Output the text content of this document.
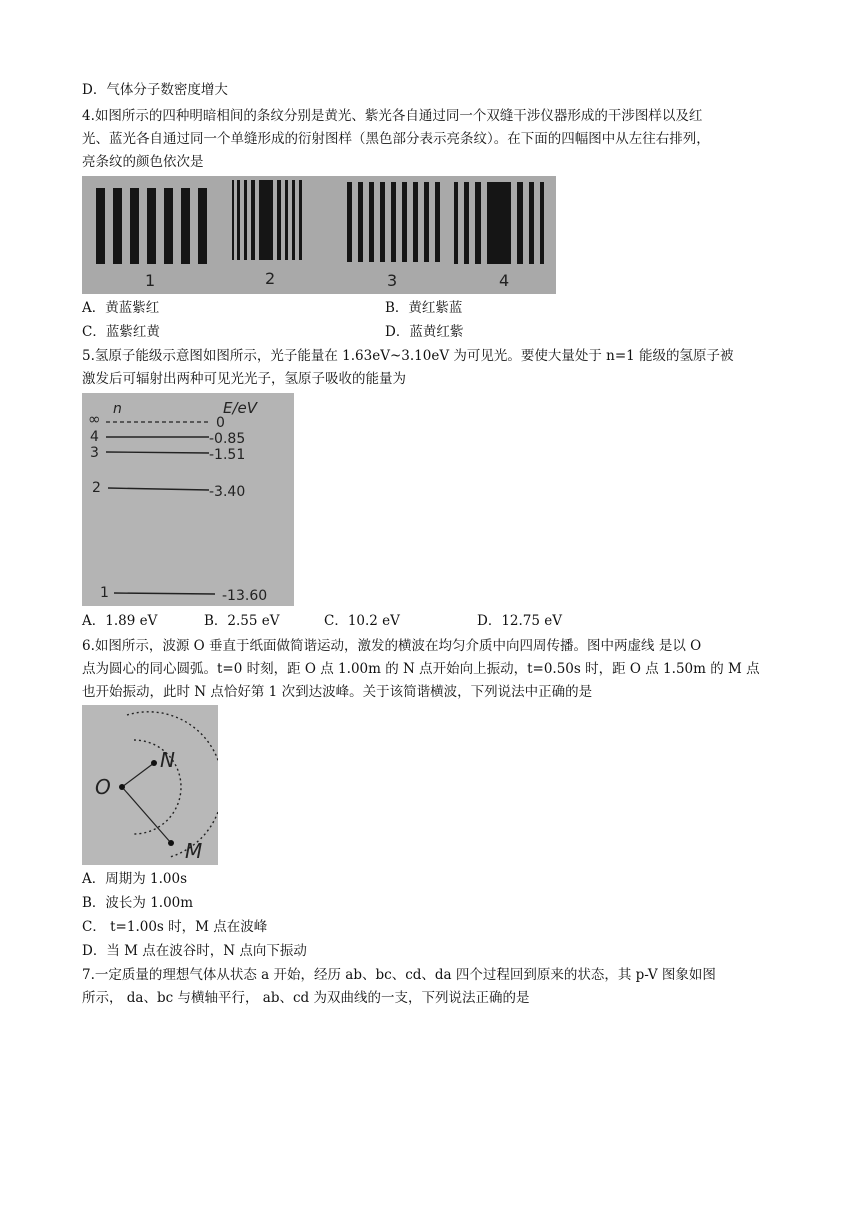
D．气体分子数密度增大
4.如图所示的四种明暗相间的条纹分别是黄光、紫光各自通过同一个双缝干涉仪器形成的干涉图样以及红
光、蓝光各自通过同一个单缝形成的衍射图样（黑色部分表示亮条纹）。在下面的四幅图中从左往右排列，
亮条纹的颜色依次是
1	2	3	4
A．黄蓝紫红	B．黄红紫蓝
C．蓝紫红黄	D．蓝黄红紫
5.氢原子能级示意图如图所示，光子能量在 1.63eV~3.10eV 为可见光。要使大量处于 n=1 能级的氢原子被
激发后可辐射出两种可见光光子，氢原子吸收的能量为
n	E/eV
∞	0
4	-0.85
3	-1.51
2	-3.40
1	-13.60
A．1.89 eV	B．2.55 eV	C．10.2 eV	D．12.75 eV
6.如图所示，波源 O 垂直于纸面做简谐运动，激发的横波在均匀介质中向四周传播。图中两虚线 是以 O
点为圆心的同心圆弧。t=0 时刻，距 O 点 1.00m 的 N 点开始向上振动，t=0.50s 时，距 O 点 1.50m 的 M 点
也开始振动，此时 N 点恰好第 1 次到达波峰。关于该简谐横波，下列说法中正确的是
O
N
M
A．周期为 1.00s
B．波长为 1.00m
C． t=1.00s 时，M 点在波峰
D．当 M 点在波谷时，N 点向下振动
7.一定质量的理想气体从状态 a 开始，经历 ab、bc、cd、da 四个过程回到原来的状态，其 p-V 图象如图
所示， da、bc 与横轴平行， ab、cd 为双曲线的一支，下列说法正确的是
